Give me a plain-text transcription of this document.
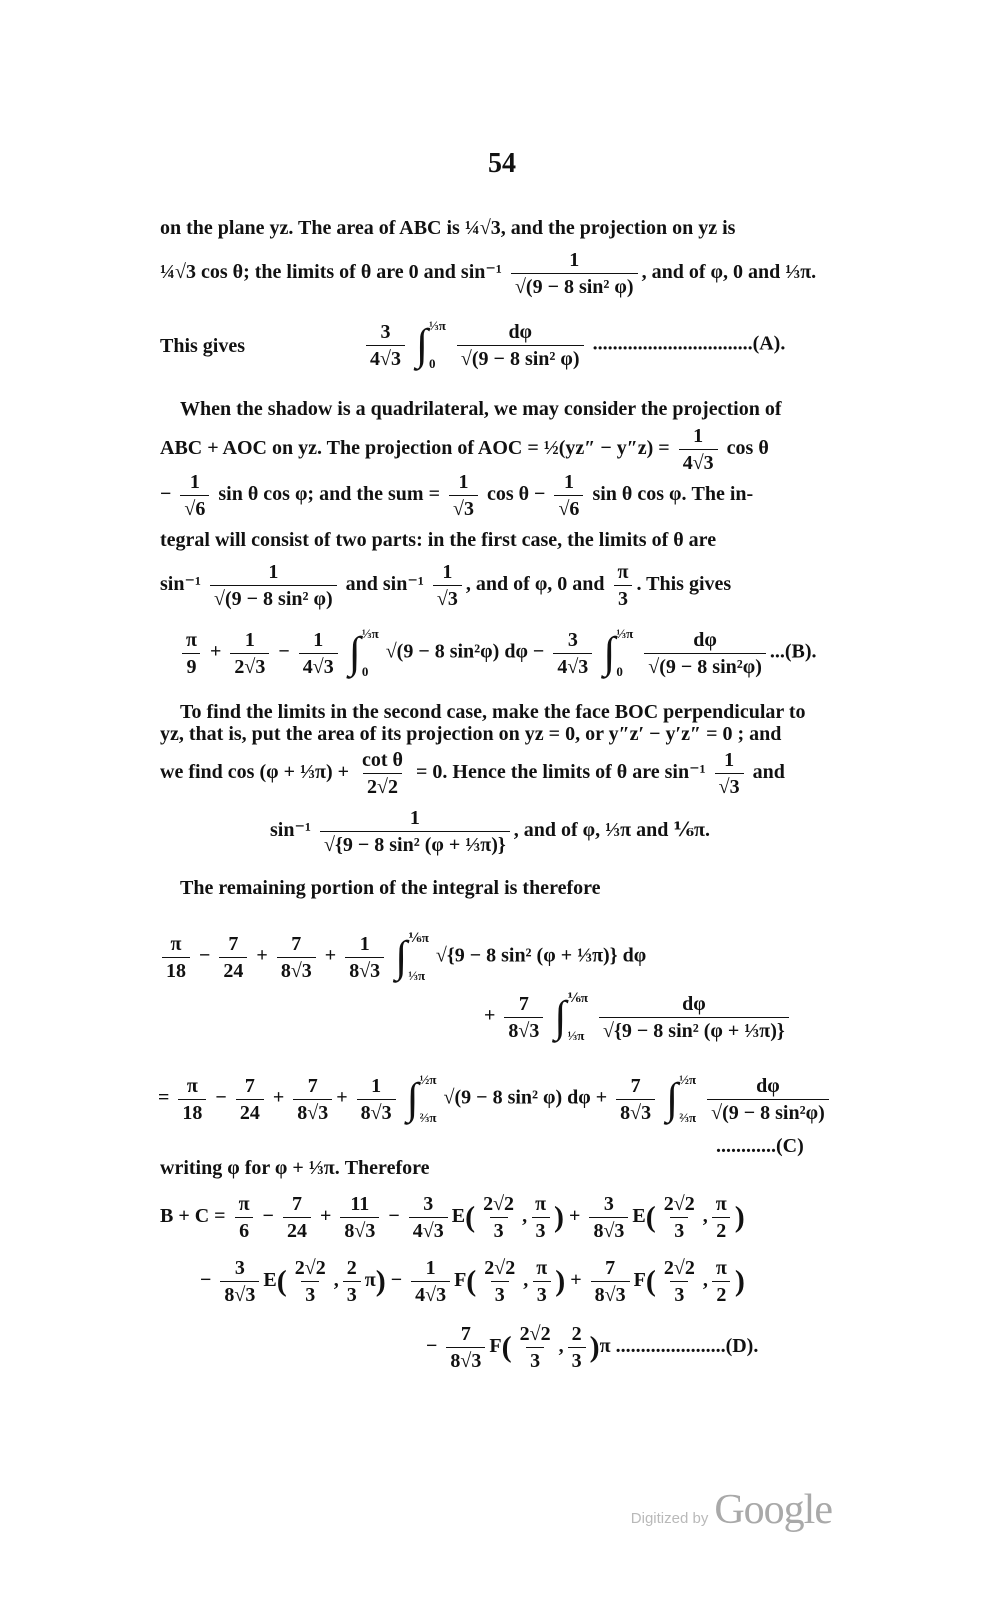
54
on the plane yz. The area of ABC is ¼√3, and the projection on yz is
¼√3 cos θ; the limits of θ are 0 and $\sin^{-1} \frac{1}{\text{√(9 − 8 sin² φ)}}$ , and of φ, 0 and ⅓π.
This gives	$\frac{3}{4√3}$
∫ ⅓π
0
	$\frac{d\varphi}{\text{√(9 − 8 sin² φ)}} ................................(A)$.
When the shadow is a quadrilateral, we may consider the projection of
ABC + AOC on yz. The projection of AOC = ½(yz″ − $y''z) = \frac{1}{4√3}$ cos θ
− $\frac{1}{√6}$ sin θ cos φ; and the sum = $\frac{1}{√3}$ $\cos \theta - \frac{1}{√6}$ sin θ cos φ. The in-
tegral will consist of two parts: in the first case, the limits of θ are
$\sin^{-1} \frac{1}{\text{√(9 − 8 sin² φ)}}$ and $\sin^{-1} \frac{1}{√3}$ , and of φ, 0 and $\frac{\pi}{3}$ . This gives
$\frac{\pi}{9} + \frac{1}{2√3} - \frac{1}{4√3}$
∫ ⅓π
0
√(9 − 8 sin²φ) $d\varphi - \frac{3}{4√3}$
∫ ⅓π
0
	$\frac{d\varphi}{\text{√(9 − 8 sin²φ)}} ...(B)$.
To find the limits in the second case, make the face BOC perpendicular to
yz, that is, put the area of its projection on yz = 0, or y″z′ − y′z″ = 0 ; and
we find cos (φ + ⅓π) + $\frac{\text{cot θ}}{2√2} = 0$. Hence the limits of θ are $\sin^{-1} \frac{1}{√3}$ and
$\sin^{-1} \frac{1}{\text{√\{9 − 8 sin² (φ + ⅓π)\}}}$ , and of φ, ⅓π and ⅙π.
The remaining portion of the integral is therefore
$\frac{\pi}{18} - \frac{7}{24} + \frac{7}{8√3} + \frac{1}{8√3}$
∫ ⅙π
⅓π
√{9 − 8 sin² (φ + ⅓π)} dφ
+ $\frac{7}{8√3}$
∫ ⅙π
⅓π
$\frac{d\varphi}{\text{√\{9 − 8 sin² (φ + ⅓π)\}}}$
= $\frac{\pi}{18} - \frac{7}{24} + \frac{7}{8√3} + \frac{1}{8√3}$
∫ ½π
⅔π
√(9 − 8 sin² φ) $d\varphi + \frac{7}{8√3}$
∫ ½π
⅔π
$\frac{d\varphi}{\text{√(9 − 8 sin²φ)}}$
............(C)
writing φ for φ + ⅓π. Therefore
$B + C = \frac{\pi}{6} - \frac{7}{24} + \frac{11}{8√3} - \frac{3}{4√3} E( \frac{2√2}{3}$ , $\frac{\pi}{3}$ ) + $\frac{3}{8√3} E( \frac{2√2}{3}$ , $\frac{\pi}{2}$ )
− $\frac{3}{8√3} E( \frac{2√2}{3}$ , $\frac{2}{3} \pi) - \frac{1}{4√3} F( \frac{2√2}{3}$ , $\frac{\pi}{3}$ ) + $\frac{7}{8√3} F( \frac{2√2}{3}$ , $\frac{\pi}{2}$ )
− $\frac{7}{8√3} F( \frac{2√2}{3}$ , $\frac{2}{3} )\pi$ ......................(D).
Digitized by Google
